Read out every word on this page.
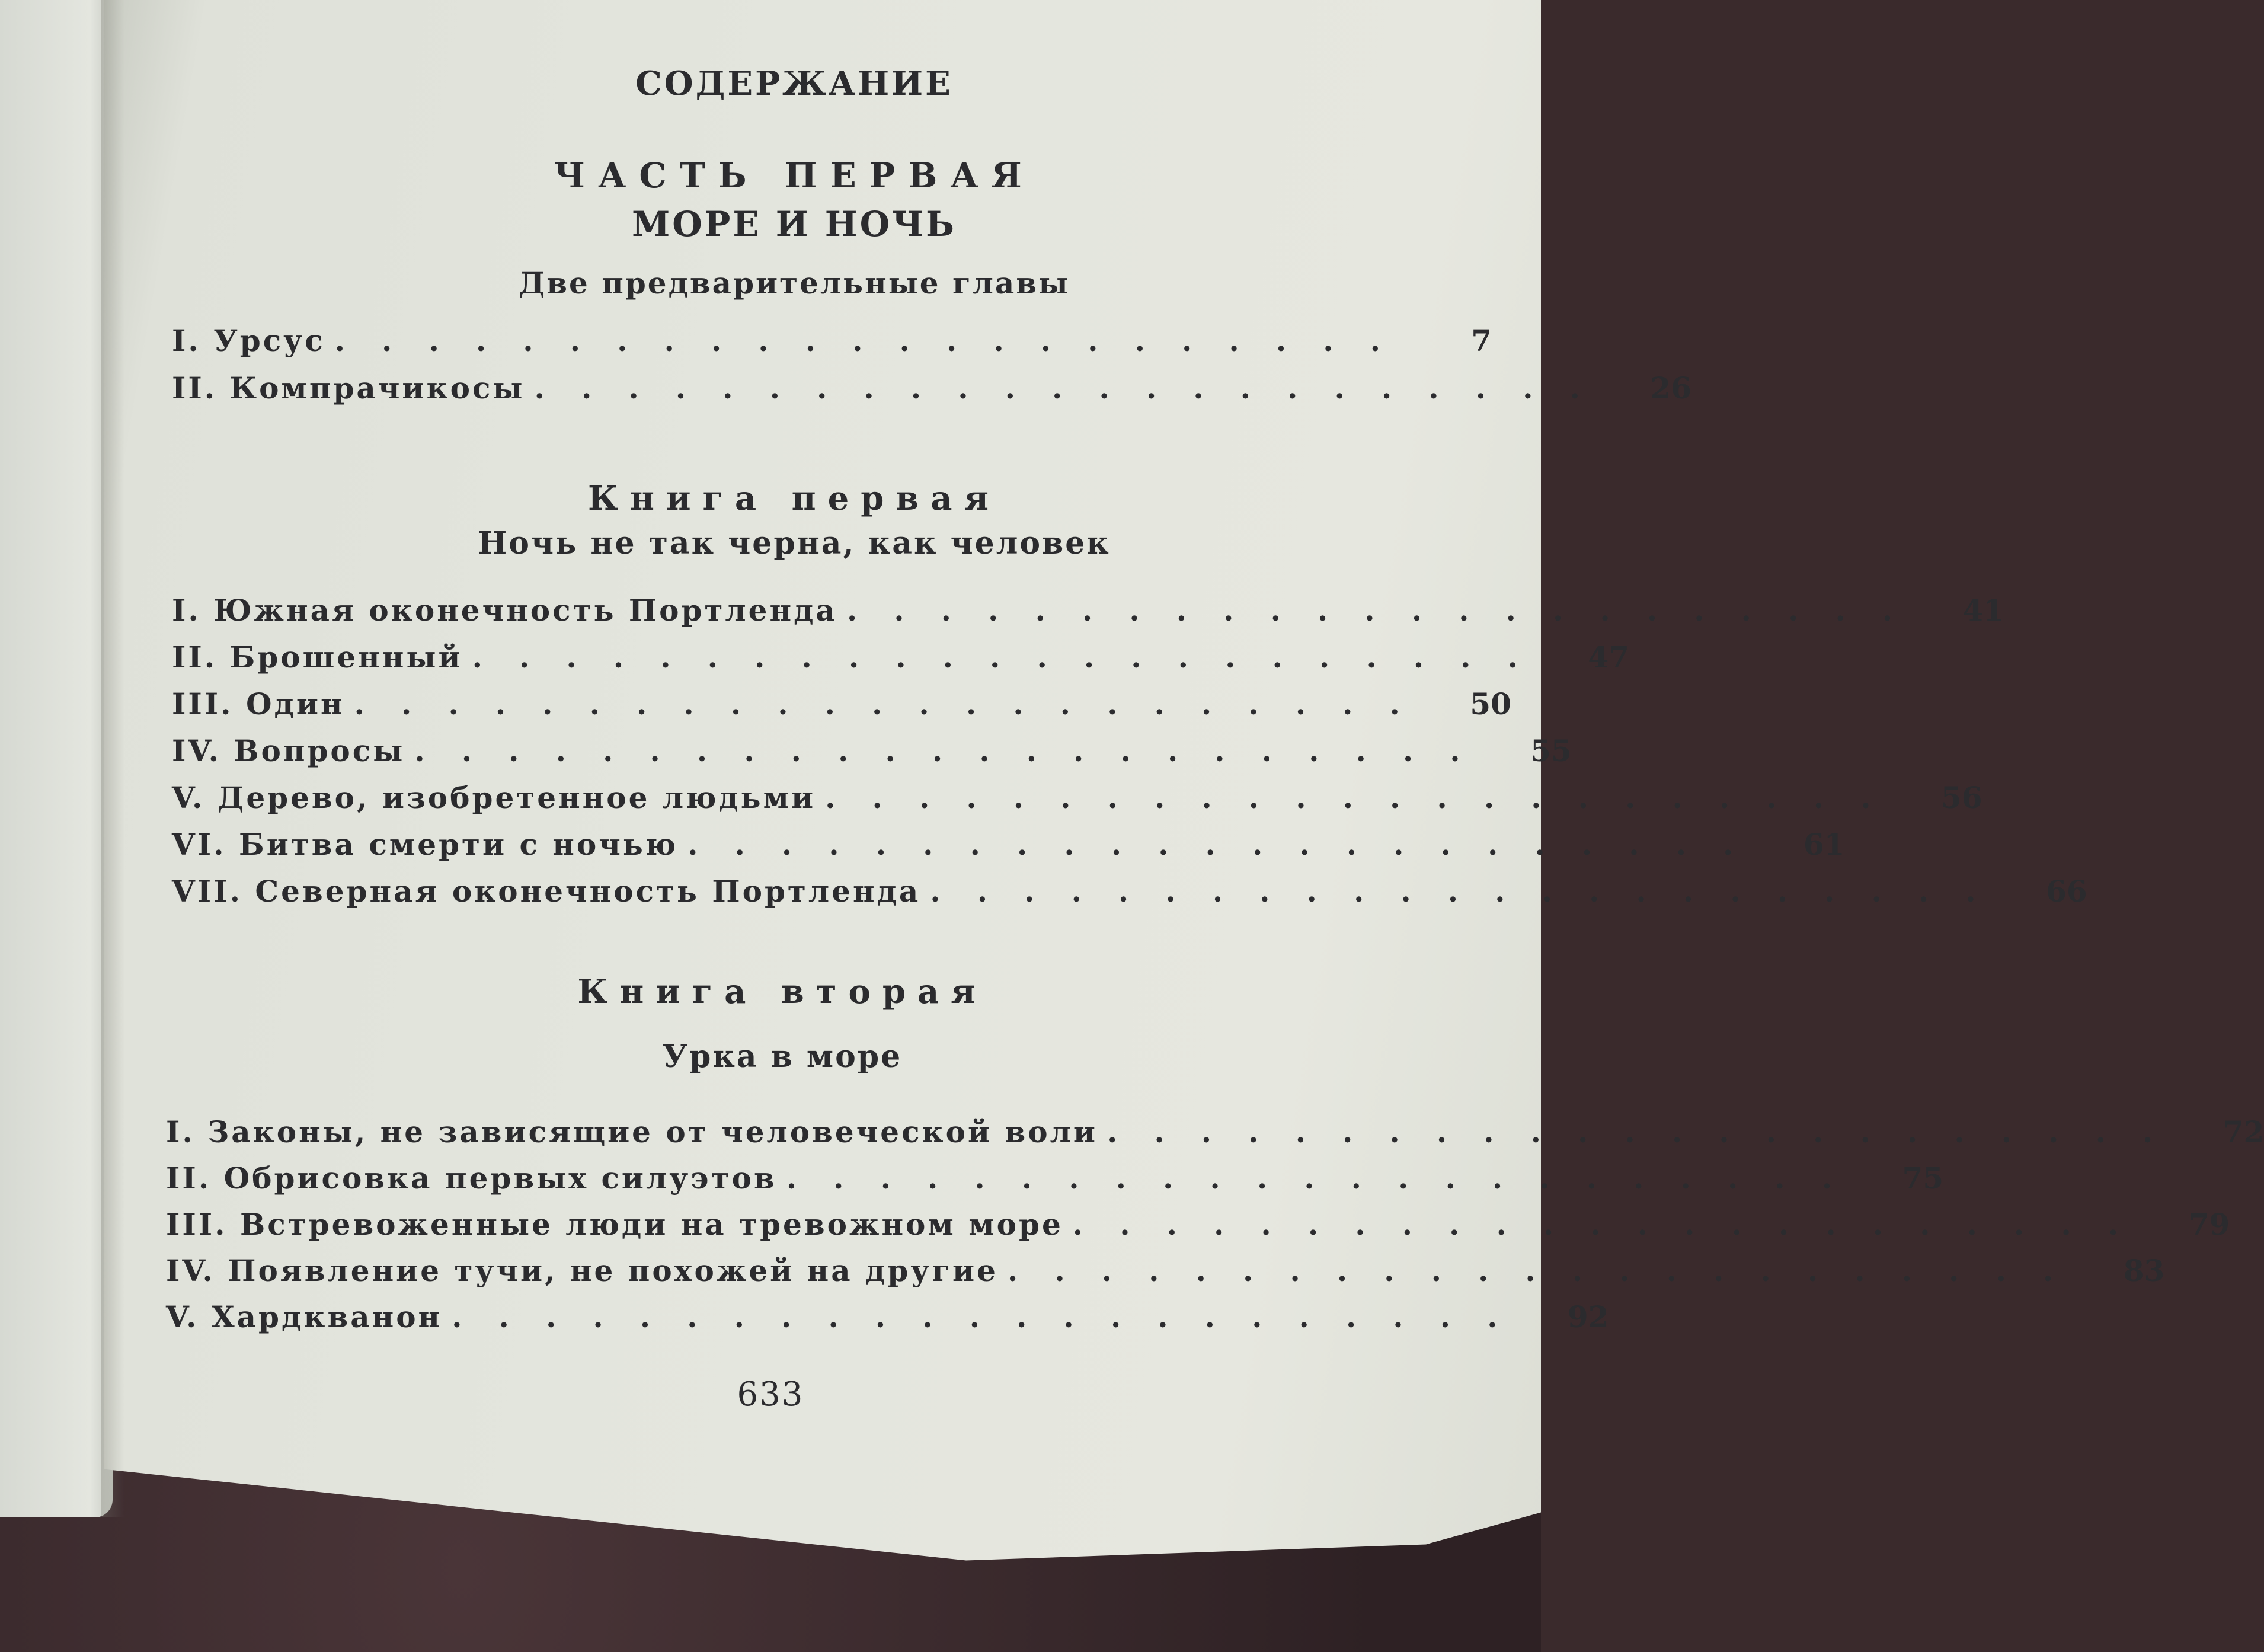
СОДЕРЖАНИЕ
ЧАСТЬ ПЕРВАЯ
МОРЕ И НОЧЬ
Две предварительные главы
I. Урсус .......................	7
II. Компрачикосы .......................	26
Книга первая
Ночь не так черна, как человек
I. Южная оконечность Портленда .......................	41
II. Брошенный .......................	47
III. Один .......................	50
IV. Вопросы .......................	55
V. Дерево, изобретенное людьми .......................	56
VI. Битва смерти с ночью .......................	61
VII. Северная оконечность Портленда .......................	66
Книга вторая
Урка в море
I. Законы, не зависящие от человеческой воли .......................	72
II. Обрисовка первых силуэтов .......................	75
III. Встревоженные люди на тревожном море .......................	79
IV. Появление тучи, не похожей на другие .......................	83
V. Хардкванон .......................	92
633
